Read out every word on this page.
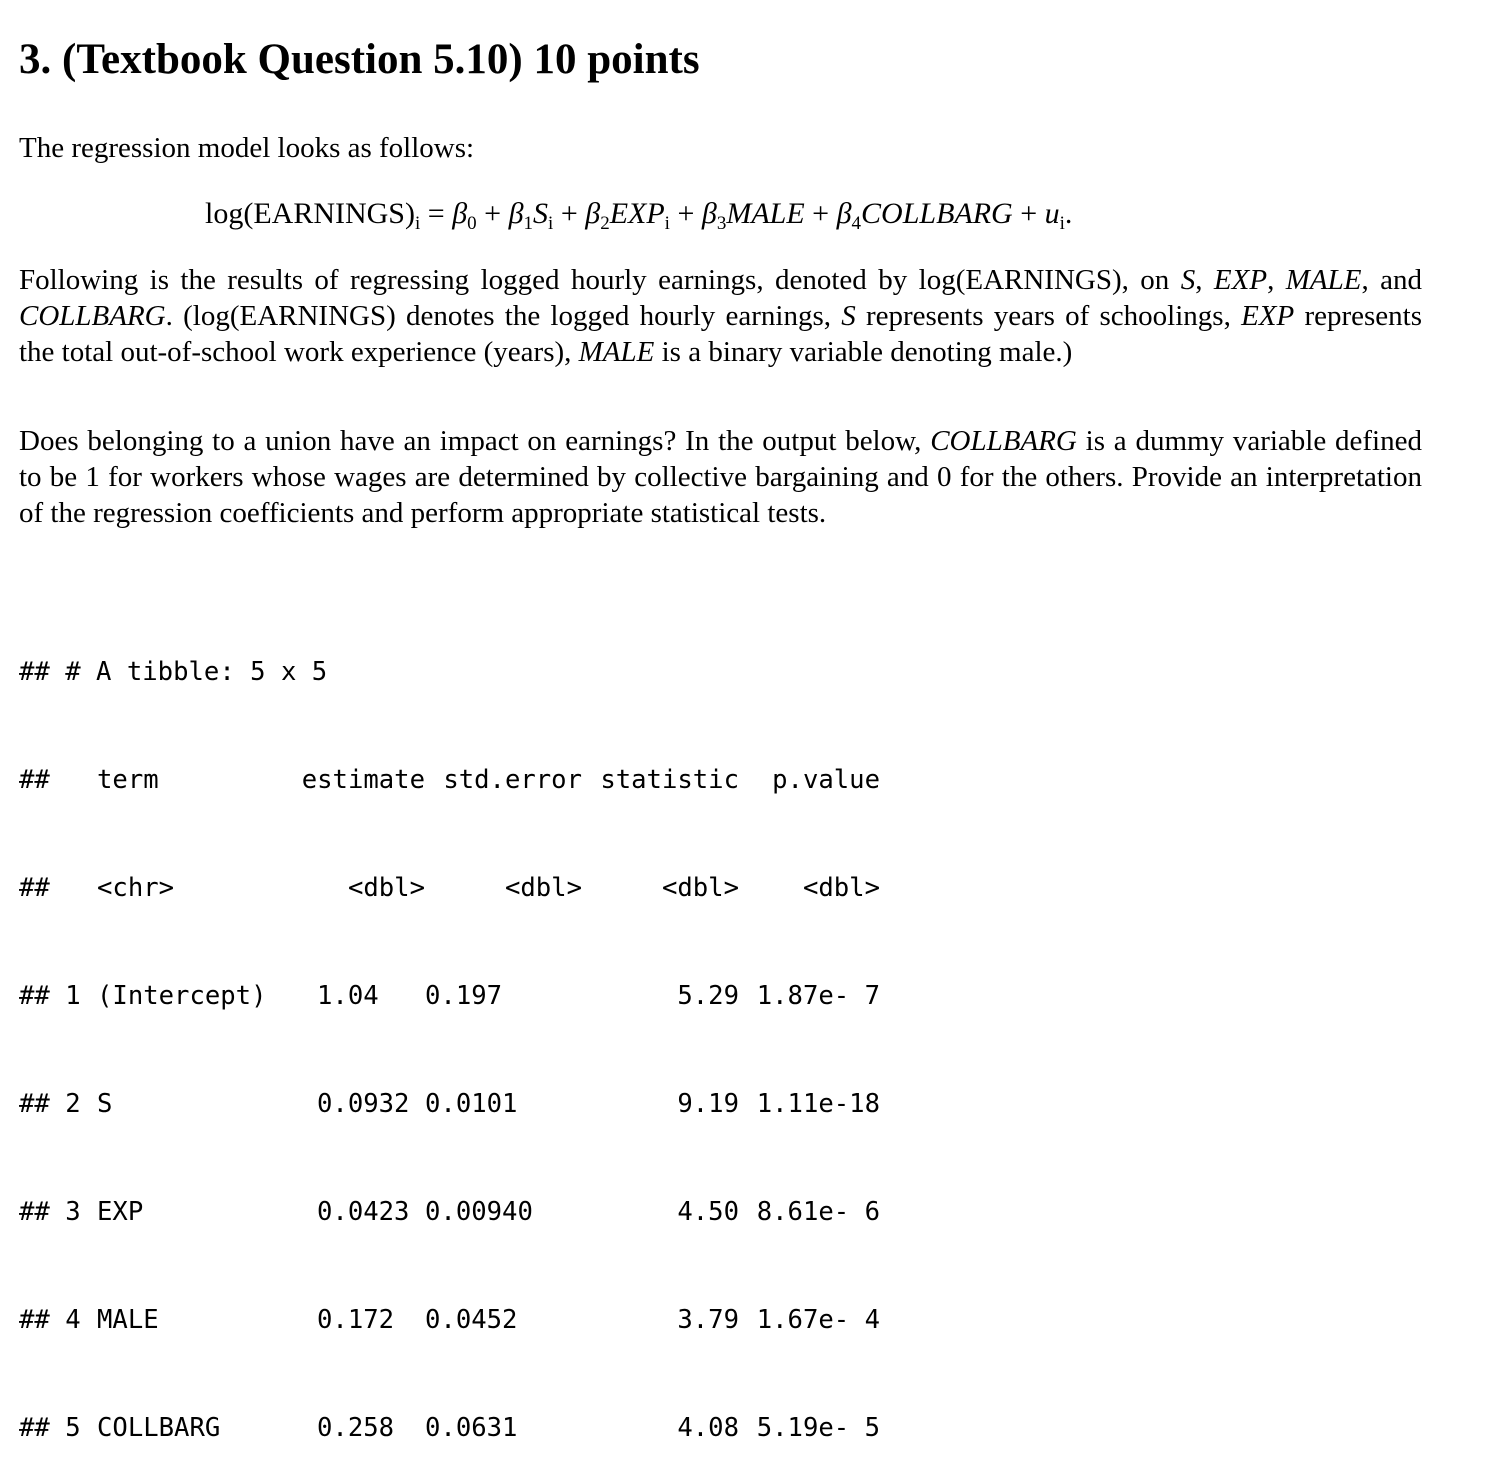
3. (Textbook Question 5.10) 10 points

The regression model looks as follows:

$\log(EARNINGS)_i = \beta_0 + \beta_1S_i + \beta_2EXP_i$ + $\beta_3MALE$ + $\beta_4COLLBARG + u_i$.

Following is the results of regressing logged hourly earnings, denoted by log(EARNINGS), on S, EXP, MALE, and COLLBARG. (log(EARNINGS) denotes the logged hourly earnings, S represents years of schoolings, EXP represents the total out-of-school work experience (years), MALE is a binary variable denoting male.)

Does belonging to a union have an impact on earnings? In the output below, COLLBARG is a dummy variable defined to be 1 for workers whose wages are determined by collective bargaining and 0 for the others. Provide an interpretation of the regression coefficients and perform appropriate statistical tests.

## # A tibble: 5 x 5

##  term	estimate std.error statistic p.value

##  <chr>	<dbl>	<dbl>	<dbl> <dbl>

## 1 (Intercept) 1.04 0.197	5.29 1.87e- 7

## 2 S	0.0932 0.0101	9.19 1.11e-18

## 3 EXP	0.0423 0.00940	4.50 8.61e- 6

## 4 MALE	0.172 0.0452	3.79 1.67e- 4

## 5 COLLBARG	0.258 0.0631	4.08 5.19e- 5
